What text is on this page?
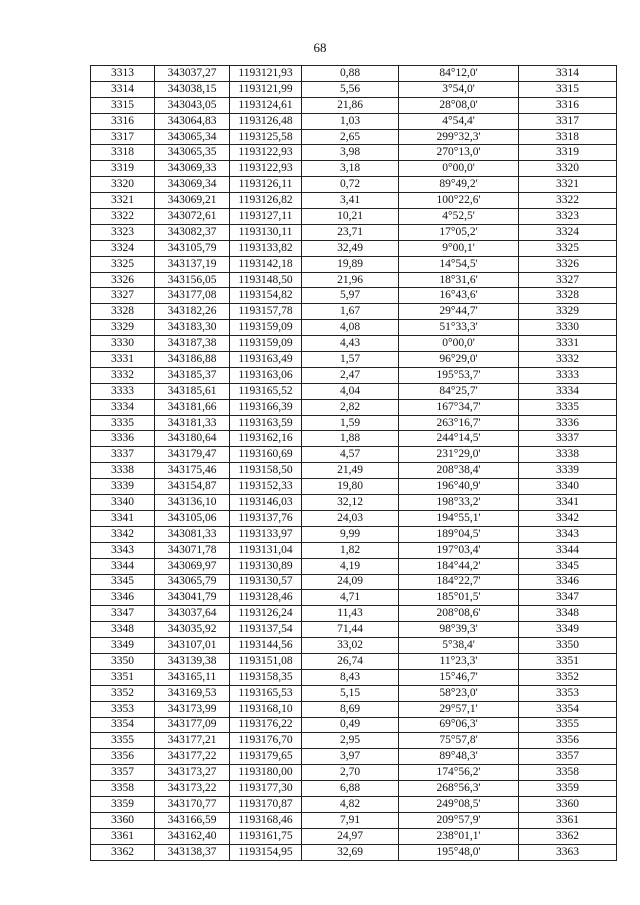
68
3313	343037,27	1193121,93	0,88	84°12,0'	3314
3314	343038,15	1193121,99	5,56	3°54,0'	3315
3315	343043,05	1193124,61	21,86	28°08,0'	3316
3316	343064,83	1193126,48	1,03	4°54,4'	3317
3317	343065,34	1193125,58	2,65	299°32,3'	3318
3318	343065,35	1193122,93	3,98	270°13,0'	3319
3319	343069,33	1193122,93	3,18	0°00,0'	3320
3320	343069,34	1193126,11	0,72	89°49,2'	3321
3321	343069,21	1193126,82	3,41	100°22,6'	3322
3322	343072,61	1193127,11	10,21	4°52,5'	3323
3323	343082,37	1193130,11	23,71	17°05,2'	3324
3324	343105,79	1193133,82	32,49	9°00,1'	3325
3325	343137,19	1193142,18	19,89	14°54,5'	3326
3326	343156,05	1193148,50	21,96	18°31,6'	3327
3327	343177,08	1193154,82	5,97	16°43,6'	3328
3328	343182,26	1193157,78	1,67	29°44,7'	3329
3329	343183,30	1193159,09	4,08	51°33,3'	3330
3330	343187,38	1193159,09	4,43	0°00,0'	3331
3331	343186,88	1193163,49	1,57	96°29,0'	3332
3332	343185,37	1193163,06	2,47	195°53,7'	3333
3333	343185,61	1193165,52	4,04	84°25,7'	3334
3334	343181,66	1193166,39	2,82	167°34,7'	3335
3335	343181,33	1193163,59	1,59	263°16,7'	3336
3336	343180,64	1193162,16	1,88	244°14,5'	3337
3337	343179,47	1193160,69	4,57	231°29,0'	3338
3338	343175,46	1193158,50	21,49	208°38,4'	3339
3339	343154,87	1193152,33	19,80	196°40,9'	3340
3340	343136,10	1193146,03	32,12	198°33,2'	3341
3341	343105,06	1193137,76	24,03	194°55,1'	3342
3342	343081,33	1193133,97	9,99	189°04,5'	3343
3343	343071,78	1193131,04	1,82	197°03,4'	3344
3344	343069,97	1193130,89	4,19	184°44,2'	3345
3345	343065,79	1193130,57	24,09	184°22,7'	3346
3346	343041,79	1193128,46	4,71	185°01,5'	3347
3347	343037,64	1193126,24	11,43	208°08,6'	3348
3348	343035,92	1193137,54	71,44	98°39,3'	3349
3349	343107,01	1193144,56	33,02	5°38,4'	3350
3350	343139,38	1193151,08	26,74	11°23,3'	3351
3351	343165,11	1193158,35	8,43	15°46,7'	3352
3352	343169,53	1193165,53	5,15	58°23,0'	3353
3353	343173,99	1193168,10	8,69	29°57,1'	3354
3354	343177,09	1193176,22	0,49	69°06,3'	3355
3355	343177,21	1193176,70	2,95	75°57,8'	3356
3356	343177,22	1193179,65	3,97	89°48,3'	3357
3357	343173,27	1193180,00	2,70	174°56,2'	3358
3358	343173,22	1193177,30	6,88	268°56,3'	3359
3359	343170,77	1193170,87	4,82	249°08,5'	3360
3360	343166,59	1193168,46	7,91	209°57,9'	3361
3361	343162,40	1193161,75	24,97	238°01,1'	3362
3362	343138,37	1193154,95	32,69	195°48,0'	3363
